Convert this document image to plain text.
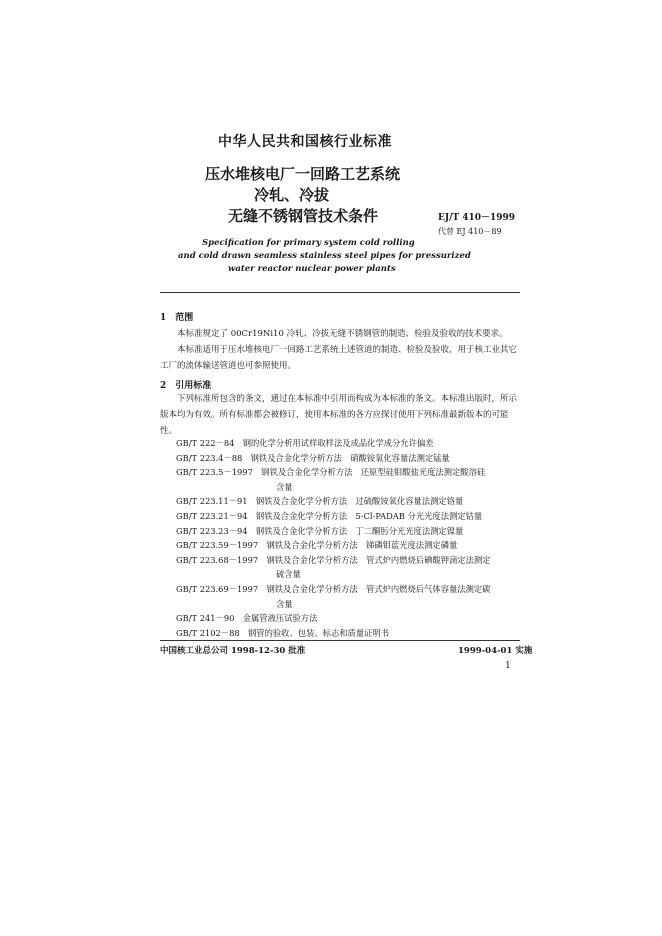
中华人民共和国核行业标准
压水堆核电厂一回路工艺系统
冷轧、冷拔
无缝不锈钢管技术条件	EJ/T 410－1999
代替 EJ 410－89
Specification for primary system cold rolling
and cold drawn seamless stainless steel pipes for pressurized
water reactor nuclear power plants
1　范围

本标准规定了 00Cr19Ni10 冷轧、冷拔无缝不锈钢管的制造、检验及验收的技术要求。

本标准适用于压水堆核电厂一回路工艺系统上述管道的制造、检验及验收，用于核工业其它工厂的流体输送管道也可参照使用。

2　引用标准

下列标准所包含的条文，通过在本标准中引用而构成为本标准的条文。本标准出版时，所示版本均为有效。所有标准都会被修订，使用本标准的各方应探讨使用下列标准最新版本的可能性。

GB/T 222－84　 钢的化学分析用试样取样法及成品化学成分允许偏差
GB/T 223.4－88　 钢铁及合金化学分析方法　硝酸铵氧化容量法测定锰量
GB/T 223.5－1997　 钢铁及合金化学分析方法　还原型硅钼酸盐光度法测定酸溶硅
含量
GB/T 223.11－91　 钢铁及合金化学分析方法　过硫酸铵氧化容量法测定铬量
GB/T 223.21－94　 钢铁及合金化学分析方法　5-Cl-PADAB 分光光度法测定钴量
GB/T 223.23－94　 钢铁及合金化学分析方法　丁二酮肟分光光度法测定镍量
GB/T 223.59－1997　 钢铁及合金化学分析方法　锑磷钼蓝光度法测定磷量
GB/T 223.68－1997　 钢铁及合金化学分析方法　管式炉内燃烧后碘酸钾滴定法测定
硫含量
GB/T 223.69－1997　 钢铁及合金化学分析方法　管式炉内燃烧后气体容量法测定碳
含量
GB/T 241－90　 金属管液压试验方法
GB/T 2102－88　 钢管的验收、包装、标志和质量证明书
中国核工业总公司 1998-12-30 批准	1999-04-01 实施
1
